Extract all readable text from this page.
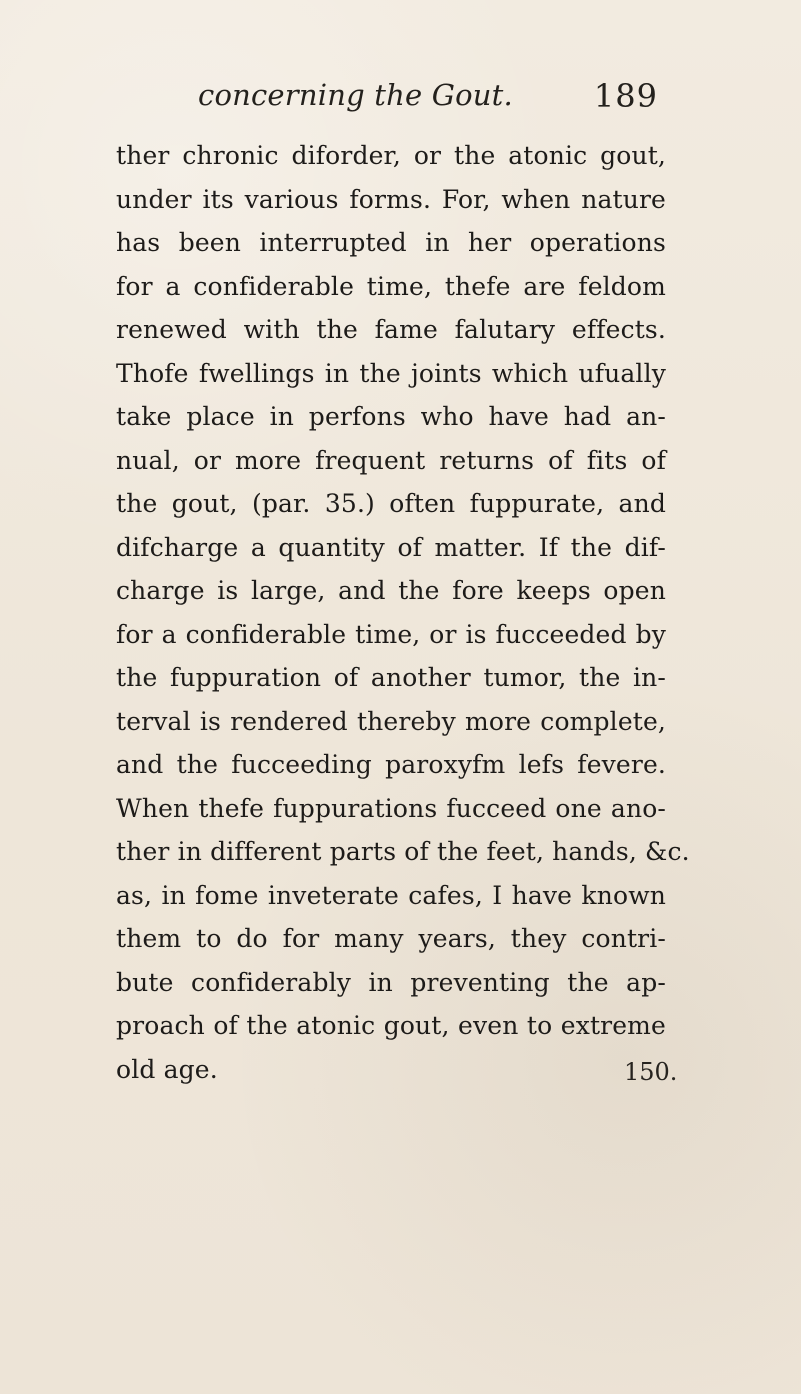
concerning the Gout.	189
ther chronic diforder, or the atonic gout,
under its various forms. For, when nature
has been interrupted in her operations
for a confiderable time, thefe are feldom
renewed with the fame falutary effects.
Thofe fwellings in the joints which ufually
take place in perfons who have had an-
nual, or more frequent returns of fits of
the gout, (par. 35.) often fuppurate, and
difcharge a quantity of matter. If the dif-
charge is large, and the fore keeps open
for a confiderable time, or is fucceeded by
the fuppuration of another tumor, the in-
terval is rendered thereby more complete,
and the fucceeding paroxyfm lefs fevere.
When thefe fuppurations fucceed one ano-
ther in different parts of the feet, hands, &c.
as, in fome inveterate cafes, I have known
them to do for many years, they contri-
bute confiderably in preventing the ap-
proach of the atonic gout, even to extreme
old age.	150.
